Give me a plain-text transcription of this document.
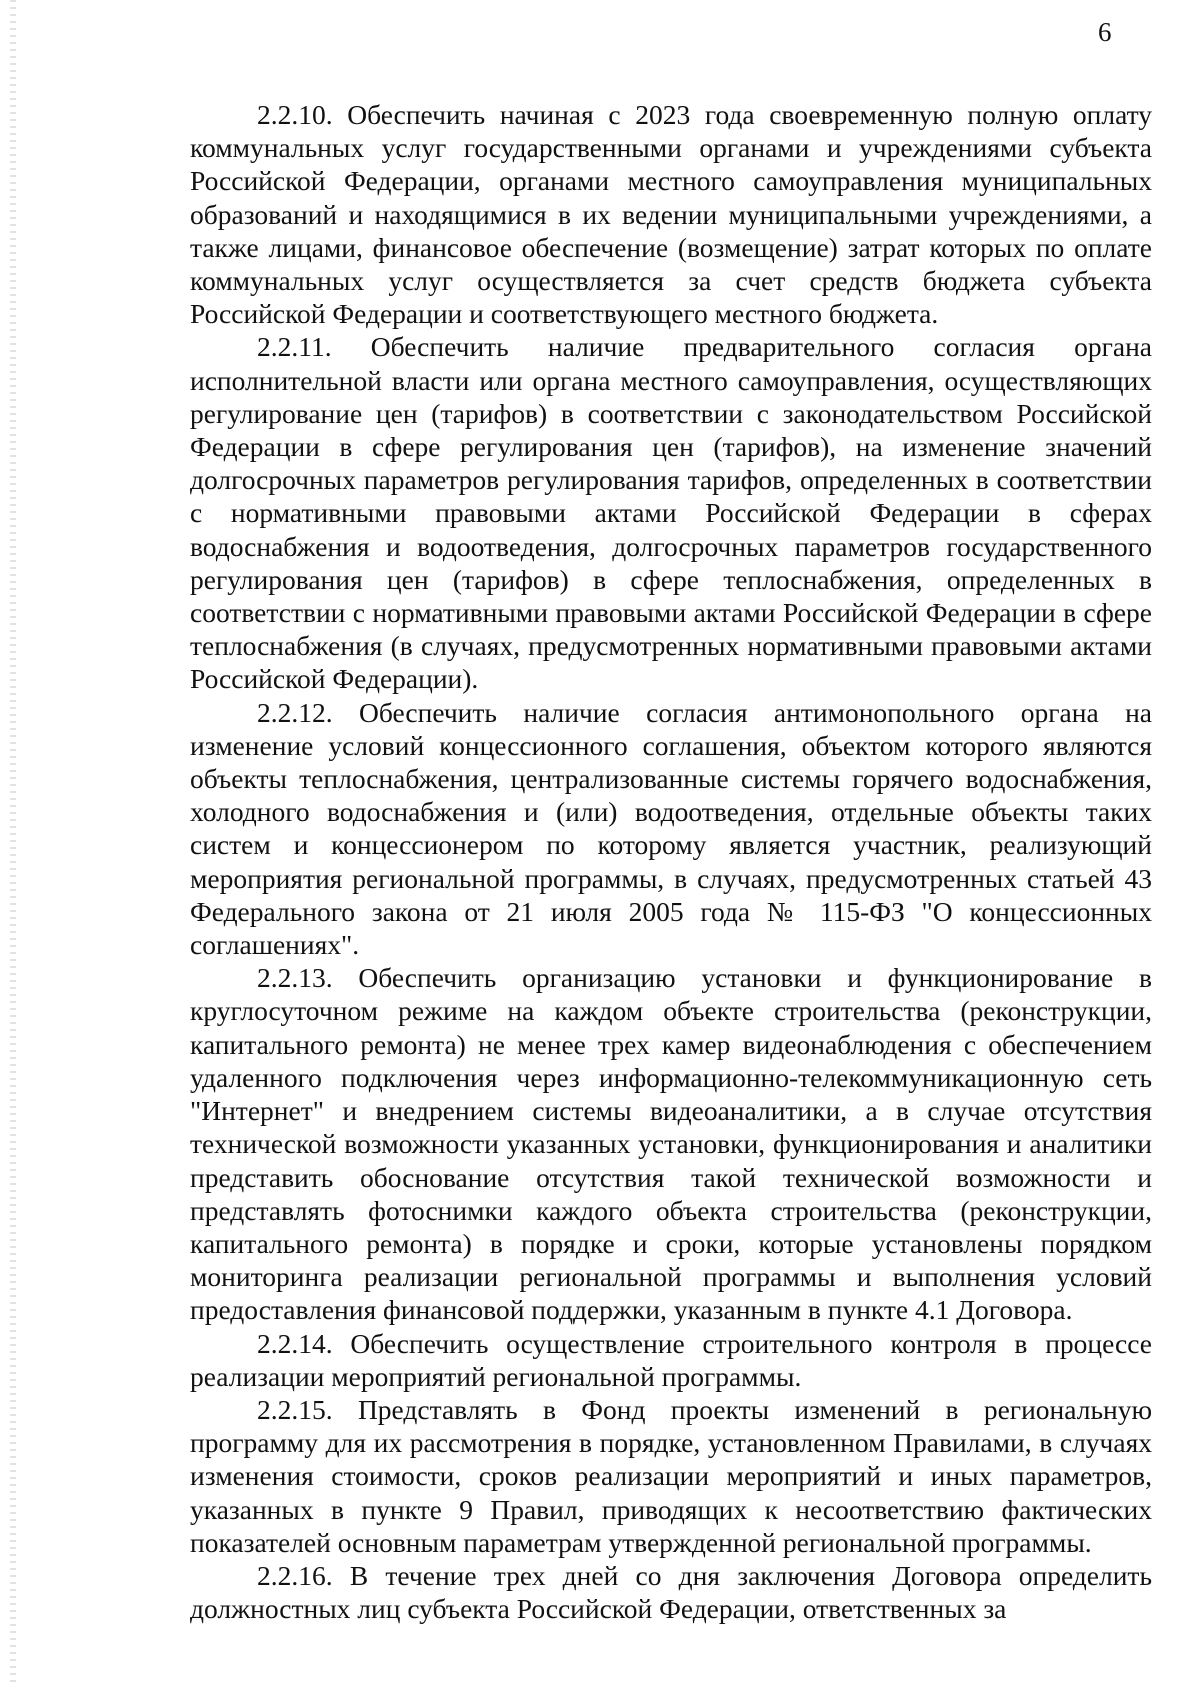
6

2.2.10. Обеспечить начиная с 2023 года своевременную полную оплату коммунальных услуг государственными органами и учреждениями субъекта Российской Федерации, органами местного самоуправления муниципальных образований и находящимися в их ведении муниципальными учреждениями, а также лицами, финансовое обеспечение (возмещение) затрат которых по оплате коммунальных услуг осуществляется за счет средств бюджета субъекта Российской Федерации и соответствующего местного бюджета.

2.2.11. Обеспечить наличие предварительного согласия органа исполнительной власти или органа местного самоуправления, осуществляющих регулирование цен (тарифов) в соответствии с законодательством Российской Федерации в сфере регулирования цен (тарифов), на изменение значений долгосрочных параметров регулирования тарифов, определенных в соответствии с нормативными правовыми актами Российской Федерации в сферах водоснабжения и водоотведения, долгосрочных параметров государственного регулирования цен (тарифов) в сфере теплоснабжения, определенных в соответствии с нормативными правовыми актами Российской Федерации в сфере теплоснабжения (в случаях, предусмотренных нормативными правовыми актами Российской Федерации).

2.2.12. Обеспечить наличие согласия антимонопольного органа на изменение условий концессионного соглашения, объектом которого являются объекты теплоснабжения, централизованные системы горячего водоснабжения, холодного водоснабжения и (или) водоотведения, отдельные объекты таких систем и концессионером по которому является участник, реализующий мероприятия региональной программы, в случаях, предусмотренных статьей 43 Федерального закона от 21 июля 2005 года № 115-ФЗ "О концессионных соглашениях".

2.2.13. Обеспечить организацию установки и функционирование в круглосуточном режиме на каждом объекте строительства (реконструкции, капитального ремонта) не менее трех камер видеонаблюдения с обеспечением удаленного подключения через информационно-телекоммуникационную сеть "Интернет" и внедрением системы видеоаналитики, а в случае отсутствия технической возможности указанных установки, функционирования и аналитики представить обоснование отсутствия такой технической возможности и представлять фотоснимки каждого объекта строительства (реконструкции, капитального ремонта) в порядке и сроки, которые установлены порядком мониторинга реализации региональной программы и выполнения условий предоставления финансовой поддержки, указанным в пункте 4.1 Договора.

2.2.14. Обеспечить осуществление строительного контроля в процессе реализации мероприятий региональной программы.

2.2.15. Представлять в Фонд проекты изменений в региональную программу для их рассмотрения в порядке, установленном Правилами, в случаях изменения стоимости, сроков реализации мероприятий и иных параметров, указанных в пункте 9 Правил, приводящих к несоответствию фактических показателей основным параметрам утвержденной региональной программы.

2.2.16. В течение трех дней со дня заключения Договора определить должностных лиц субъекта Российской Федерации, ответственных за
